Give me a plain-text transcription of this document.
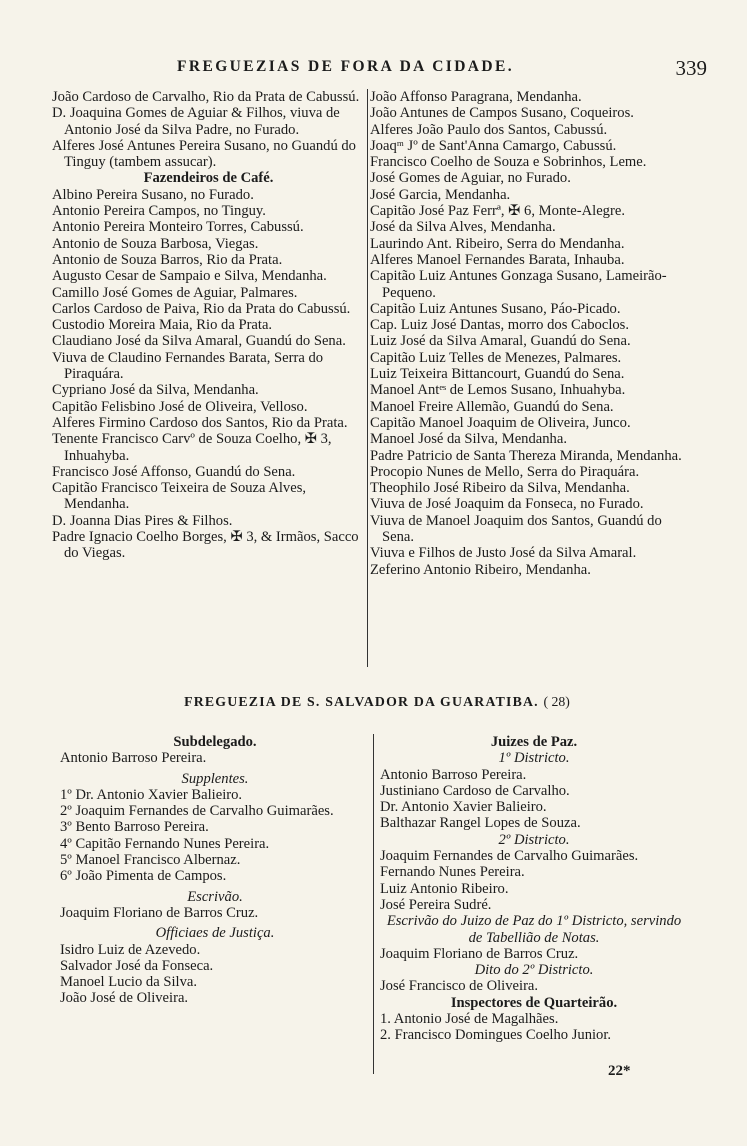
FREGUEZIAS DE FORA DA CIDADE.	339

João Cardoso de Carvalho, Rio da Prata de Cabussú.

D. Joaquina Gomes de Aguiar & Filhos, viuva de Antonio José da Silva Padre, no Furado.

Alferes José Antunes Pereira Susano, no Guandú do Tinguy (tambem assucar).

Fazendeiros de Café.

Albino Pereira Susano, no Furado.

Antonio Pereira Campos, no Tinguy.

Antonio Pereira Monteiro Torres, Cabussú.

Antonio de Souza Barbosa, Viegas.

Antonio de Souza Barros, Rio da Prata.

Augusto Cesar de Sampaio e Silva, Mendanha.

Camillo José Gomes de Aguiar, Palmares.

Carlos Cardoso de Paiva, Rio da Prata do Cabussú.

Custodio Moreira Maia, Rio da Prata.

Claudiano José da Silva Amaral, Guandú do Sena.

Viuva de Claudino Fernandes Barata, Serra do Piraquára.

Cypriano José da Silva, Mendanha.

Capitão Felisbino José de Oliveira, Velloso.

Alferes Firmino Cardoso dos Santos, Rio da Prata.

Tenente Francisco Carvº de Souza Coelho, ✠ 3, Inhuahyba.

Francisco José Affonso, Guandú do Sena.

Capitão Francisco Teixeira de Souza Alves, Mendanha.

D. Joanna Dias Pires & Filhos.

Padre Ignacio Coelho Borges, ✠ 3, & Irmãos, Sacco do Viegas.

João Affonso Paragrana, Mendanha.

João Antunes de Campos Susano, Coqueiros.

Alferes João Paulo dos Santos, Cabussú.

Joaqᵐ Jº de Sant'Anna Camargo, Cabussú.

Francisco Coelho de Souza e Sobrinhos, Leme.

José Gomes de Aguiar, no Furado.

José Garcia, Mendanha.

Capitão José Paz Ferrª, ✠ 6, Monte-Alegre.

José da Silva Alves, Mendanha.

Laurindo Ant. Ribeiro, Serra do Mendanha.

Alferes Manoel Fernandes Barata, Inhauba.

Capitão Luiz Antunes Gonzaga Susano, Lameirão-Pequeno.

Capitão Luiz Antunes Susano, Páo-Picado.

Cap. Luiz José Dantas, morro dos Caboclos.

Luiz José da Silva Amaral, Guandú do Sena.

Capitão Luiz Telles de Menezes, Palmares.

Luiz Teixeira Bittancourt, Guandú do Sena.

Manoel Antᵉˢ de Lemos Susano, Inhuahyba.

Manoel Freire Allemão, Guandú do Sena.

Capitão Manoel Joaquim de Oliveira, Junco.

Manoel José da Silva, Mendanha.

Padre Patricio de Santa Thereza Miranda, Mendanha.

Procopio Nunes de Mello, Serra do Piraquára.

Theophilo José Ribeiro da Silva, Mendanha.

Viuva de José Joaquim da Fonseca, no Furado.

Viuva de Manoel Joaquim dos Santos, Guandú do Sena.

Viuva e Filhos de Justo José da Silva Amaral.

Zeferino Antonio Ribeiro, Mendanha.

FREGUEZIA DE S. SALVADOR DA GUARATIBA. ( 28)

Subdelegado.

Antonio Barroso Pereira.

Supplentes.

1º Dr. Antonio Xavier Balieiro.

2º Joaquim Fernandes de Carvalho Guimarães.

3º Bento Barroso Pereira.

4º Capitão Fernando Nunes Pereira.

5º Manoel Francisco Albernaz.

6º João Pimenta de Campos.

Escrivão.

Joaquim Floriano de Barros Cruz.

Officiaes de Justiça.

Isidro Luiz de Azevedo.

Salvador José da Fonseca.

Manoel Lucio da Silva.

João José de Oliveira.

Juizes de Paz.

1º Districto.

Antonio Barroso Pereira.

Justiniano Cardoso de Carvalho.

Dr. Antonio Xavier Balieiro.

Balthazar Rangel Lopes de Souza.

2º Districto.

Joaquim Fernandes de Carvalho Guimarães.

Fernando Nunes Pereira.

Luiz Antonio Ribeiro.

José Pereira Sudré.

Escrivão do Juizo de Paz do 1º Districto, servindo de Tabellião de Notas.

Joaquim Floriano de Barros Cruz.

Dito do 2º Districto.

José Francisco de Oliveira.

Inspectores de Quarteirão.

1. Antonio José de Magalhães.

2. Francisco Domingues Coelho Junior.

22*
